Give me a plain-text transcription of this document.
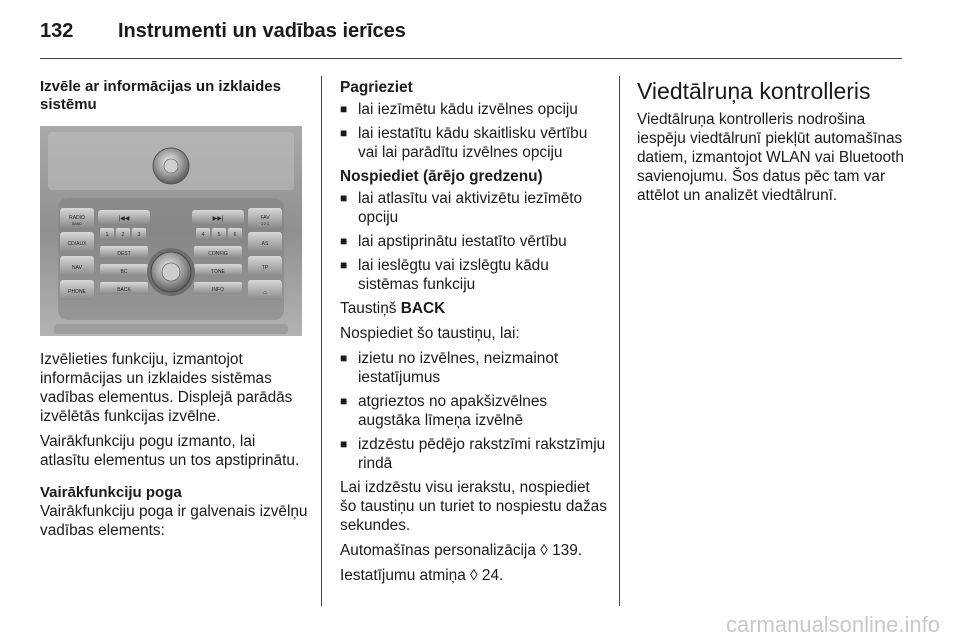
132	Instrumenti un vadības ierīces
Izvēle ar informācijas un izklaides sistēmu
RADIO
BAND
CD/AUX
NAV
PHONE
FAV
1 2 3
AS
TP
⌂
|◀◀	▶▶|
1	2	3	4	5	6
DEST
BC
BACK
CONFIG
TONE
INFO

Izvēlieties funkciju, izmantojot informācijas un izklaides sistēmas vadības elementus. Displejā parādās izvēlētās funkcijas izvēlne.

Vairākfunkciju pogu izmanto, lai atlasītu elementus un tos apstiprinātu.

Vairākfunkciju poga

Vairākfunkciju poga ir galvenais izvēlņu vadības elements:

Pagrieziet
■ lai iezīmētu kādu izvēlnes opciju
■ lai iestatītu kādu skaitlisku vērtību vai lai parādītu izvēlnes opciju
Nospiediet (ārējo gredzenu)
■ lai atlasītu vai aktivizētu iezīmēto opciju
■ lai apstiprinātu iestatīto vērtību
■ lai ieslēgtu vai izslēgtu kādu sistēmas funkciju

Taustiņš BACK

Nospiediet šo taustiņu, lai:

■ izietu no izvēlnes, neizmainot iestatījumus
■ atgrieztos no apakšizvēlnes augstāka līmeņa izvēlnē
■ izdzēstu pēdējo rakstzīmi rakstzīmju rindā

Lai izdzēstu visu ierakstu, nospiediet šo taustiņu un turiet to nospiestu dažas sekundes.

Automašīnas personalizācija ◊ 139.

Iestatījumu atmiņa ◊ 24.

Viedtālruņa kontrolleris

Viedtālruņa kontrolleris nodrošina iespēju viedtālrunī piekļūt automašīnas datiem, izmantojot WLAN vai Bluetooth savienojumu. Šos datus pēc tam var attēlot un analizēt viedtālrunī.

carmanualsonline.info
